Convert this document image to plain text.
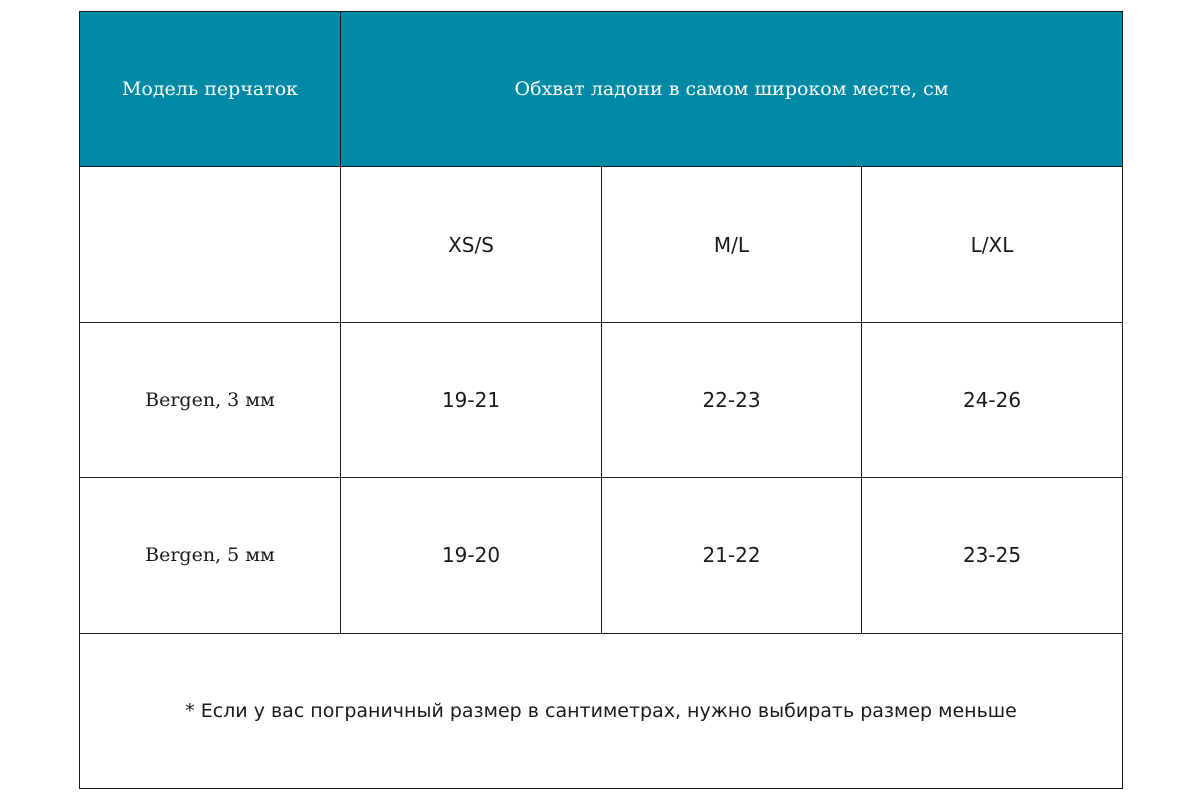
Модель перчаток	Обхват ладони в самом широком месте, см		
	XS/S	M/L	L/XL
Bergen, 3 мм	19-21	22-23	24-26
Bergen, 5 мм	19-20	21-22	23-25
* Если у вас пограничный размер в сантиметрах, нужно выбирать размер меньше			
